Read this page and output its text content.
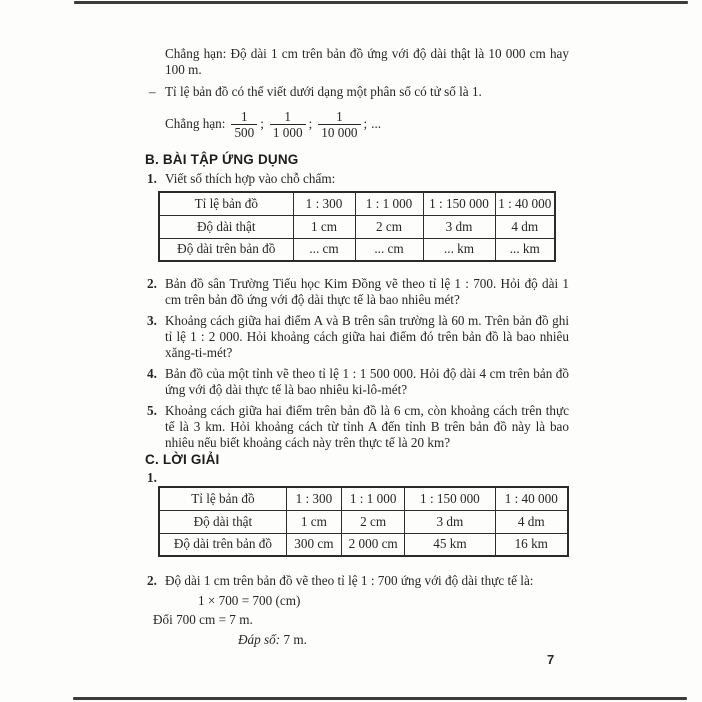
Chẳng hạn: Độ dài 1 cm trên bản đồ ứng với độ dài thật là 10 000 cm hay 100 m.
– Tỉ lệ bản đồ có thể viết dưới dạng một phân số có tử số là 1.
Chẳng hạn: $\frac{1}{500}$ ; $\frac{1}{1 000}$ ; $\frac{1}{10 000}$ ; ...
B. BÀI TẬP ỨNG DỤNG
1. Viết số thích hợp vào chỗ chấm:
Tỉ lệ bản đồ	1 : 300	1 : 1 000	1 : 150 000	1 : 40 000
Độ dài thật	1 cm	2 cm	3 dm	4 dm
Độ dài trên bản đồ	... cm	... cm	... km	... km
2. Bản đồ sân Trường Tiểu học Kim Đồng vẽ theo tỉ lệ 1 : 700. Hỏi độ dài 1 cm trên bản đồ ứng với độ dài thực tế là bao nhiêu mét?
3. Khoảng cách giữa hai điểm A và B trên sân trường là 60 m. Trên bản đồ ghi tỉ lệ 1 : 2 000. Hỏi khoảng cách giữa hai điểm đó trên bản đồ là bao nhiêu xăng-ti-mét?
4. Bản đồ của một tỉnh vẽ theo tỉ lệ 1 : 1 500 000. Hỏi độ dài 4 cm trên bản đồ ứng với độ dài thực tế là bao nhiêu ki-lô-mét?
5. Khoảng cách giữa hai điểm trên bản đồ là 6 cm, còn khoảng cách trên thực tế là 3 km. Hỏi khoảng cách từ tỉnh A đến tỉnh B trên bản đồ này là bao nhiêu nếu biết khoảng cách này trên thực tế là 20 km?
C. LỜI GIẢI
1.
Tỉ lệ bản đồ	1 : 300	1 : 1 000	1 : 150 000	1 : 40 000
Độ dài thật	1 cm	2 cm	3 dm	4 dm
Độ dài trên bản đồ	300 cm	2 000 cm	45 km	16 km
2. Độ dài 1 cm trên bản đồ vẽ theo tỉ lệ 1 : 700 ứng với độ dài thực tế là:
1 × 700 = 700 (cm)
Đổi 700 cm = 7 m.
Đáp số: 7 m.
7
